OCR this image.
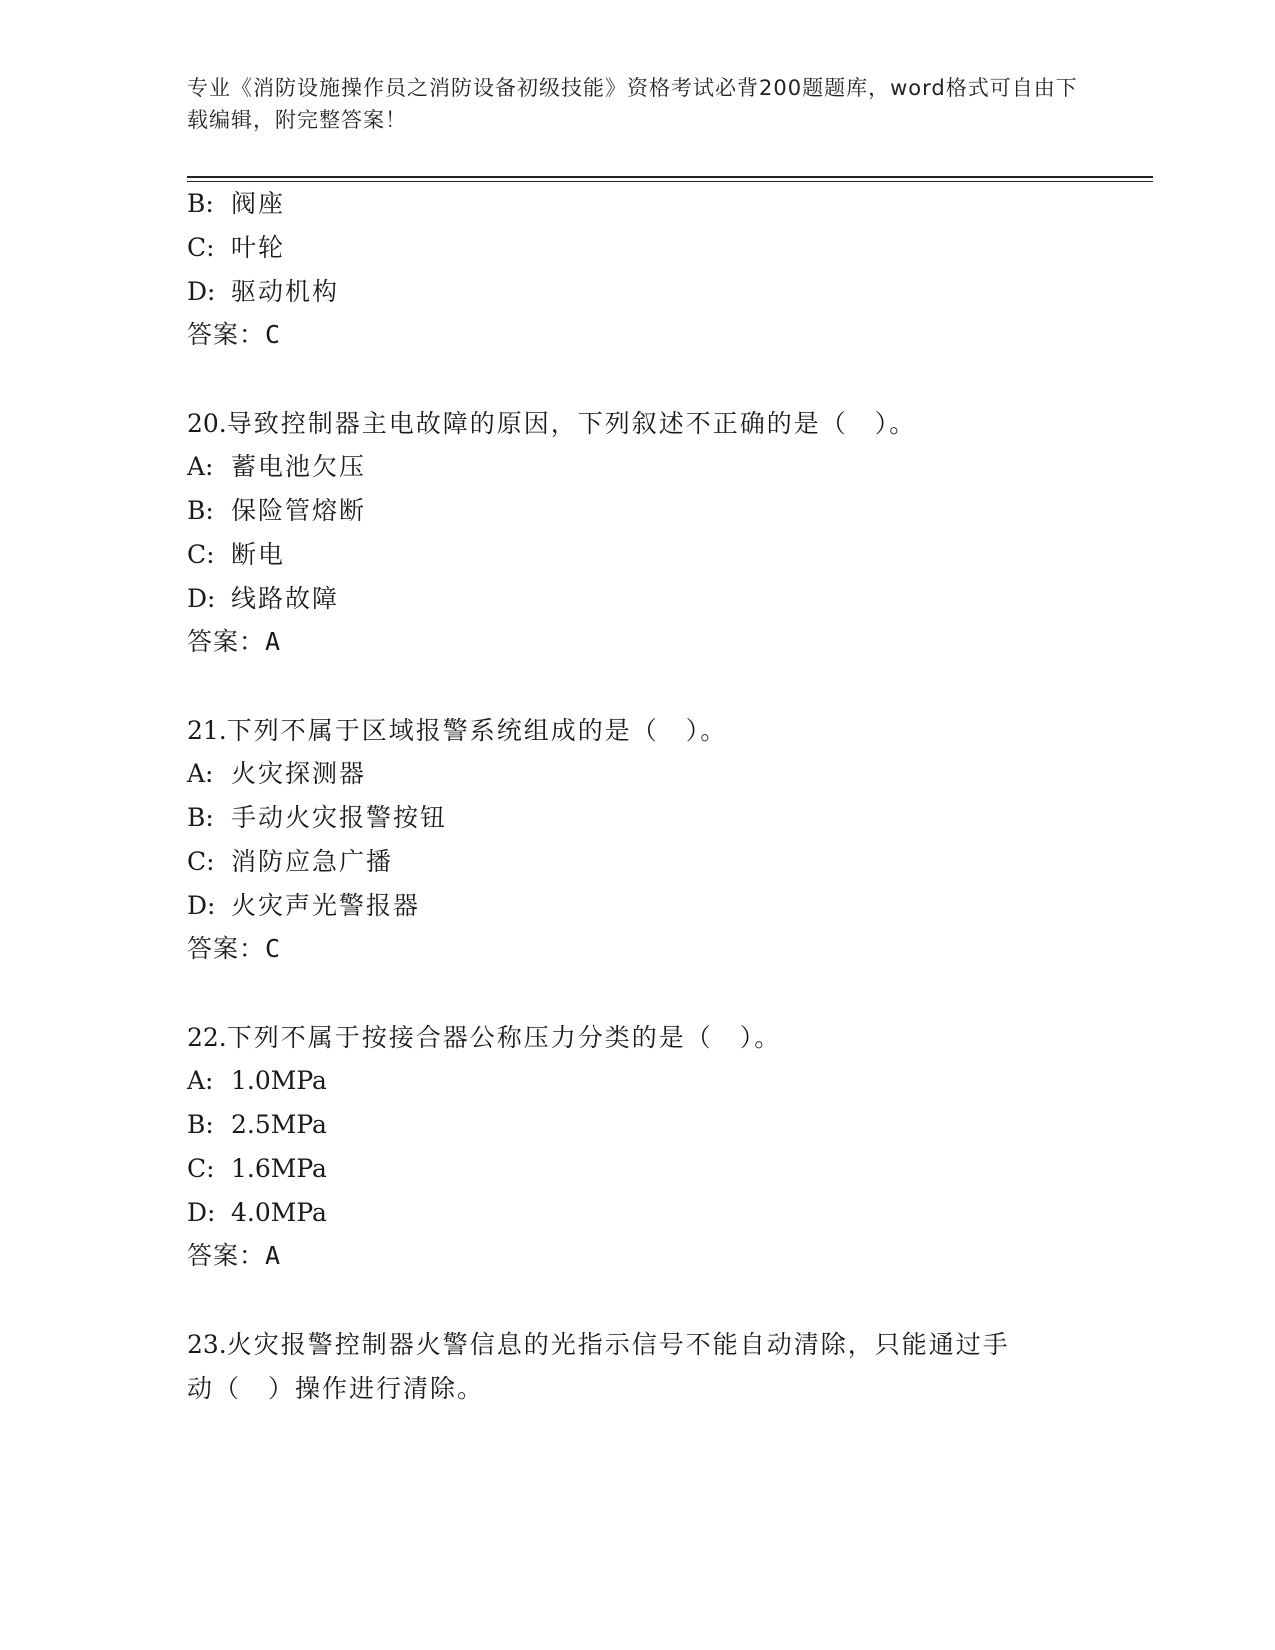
专业《消防设施操作员之消防设备初级技能》资格考试必背200题题库，word格式可自由下载编辑，附完整答案！
B: 阀座
C: 叶轮
D: 驱动机构
答案：C
20.导致控制器主电故障的原因，下列叙述不正确的是（　）。
A: 蓄电池欠压
B: 保险管熔断
C: 断电
D: 线路故障
答案：A
21.下列不属于区域报警系统组成的是（　）。
A: 火灾探测器
B: 手动火灾报警按钮
C: 消防应急广播
D: 火灾声光警报器
答案：C
22.下列不属于按接合器公称压力分类的是（　）。
A: 1.0MPa
B: 2.5MPa
C: 1.6MPa
D: 4.0MPa
答案：A
23.火灾报警控制器火警信息的光指示信号不能自动清除，只能通过手
动（　）操作进行清除。
